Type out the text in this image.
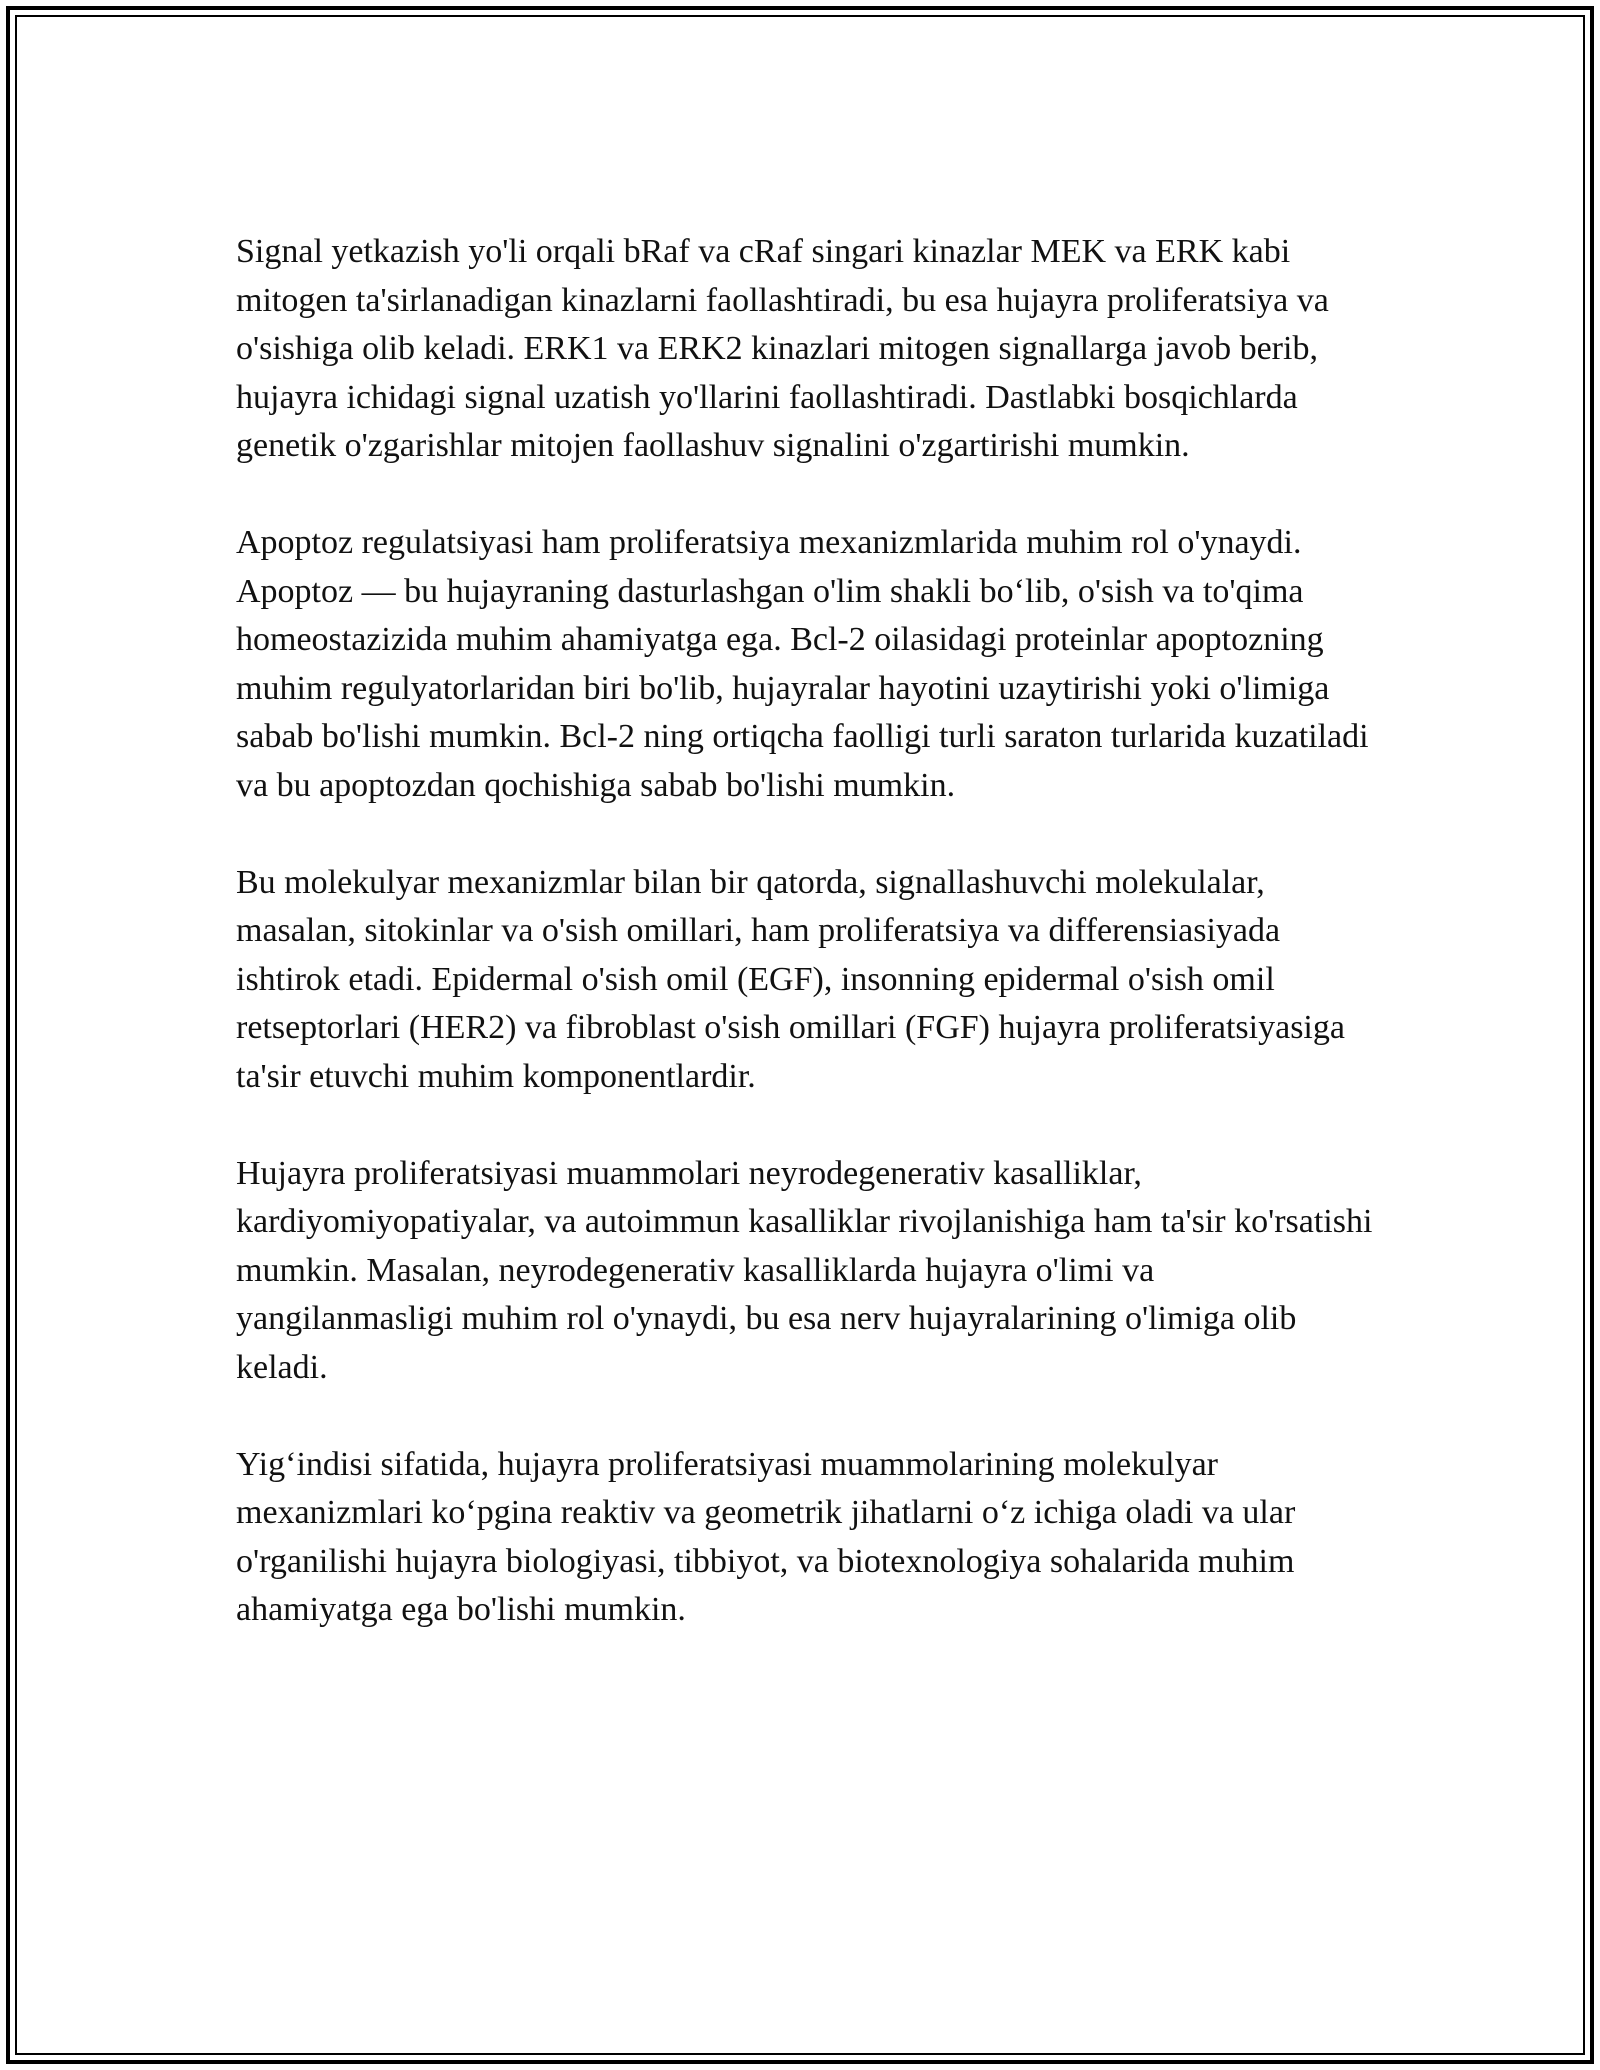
Signal yetkazish yo'li orqali bRaf va cRaf singari kinazlar MEK va ERK kabi mitogen ta'sirlanadigan kinazlarni faollashtiradi, bu esa hujayra proliferatsiya va o'sishiga olib keladi. ERK1 va ERK2 kinazlari mitogen signallarga javob berib, hujayra ichidagi signal uzatish yo'llarini faollashtiradi. Dastlabki bosqichlarda genetik o'zgarishlar mitojen faollashuv signalini o'zgartirishi mumkin.

Apoptoz regulatsiyasi ham proliferatsiya mexanizmlarida muhim rol o'ynaydi. Apoptoz — bu hujayraning dasturlashgan o'lim shakli bo‘lib, o'sish va to'qima homeostazizida muhim ahamiyatga ega. Bcl-2 oilasidagi proteinlar apoptozning muhim regulyatorlaridan biri bo'lib, hujayralar hayotini uzaytirishi yoki o'limiga sabab bo'lishi mumkin. Bcl-2 ning ortiqcha faolligi turli saraton turlarida kuzatiladi va bu apoptozdan qochishiga sabab bo'lishi mumkin.

Bu molekulyar mexanizmlar bilan bir qatorda, signallashuvchi molekulalar, masalan, sitokinlar va o'sish omillari, ham proliferatsiya va differensiasiyada ishtirok etadi. Epidermal o'sish omil (EGF), insonning epidermal o'sish omil retseptorlari (HER2) va fibroblast o'sish omillari (FGF) hujayra proliferatsiyasiga ta'sir etuvchi muhim komponentlardir.

Hujayra proliferatsiyasi muammolari neyrodegenerativ kasalliklar, kardiyomiyopatiyalar, va autoimmun kasalliklar rivojlanishiga ham ta'sir ko'rsatishi mumkin. Masalan, neyrodegenerativ kasalliklarda hujayra o'limi va yangilanmasligi muhim rol o'ynaydi, bu esa nerv hujayralarining o'limiga olib keladi.

Yig‘indisi sifatida, hujayra proliferatsiyasi muammolarining molekulyar mexanizmlari ko‘pgina reaktiv va geometrik jihatlarni o‘z ichiga oladi va ular o'rganilishi hujayra biologiyasi, tibbiyot, va biotexnologiya sohalarida muhim ahamiyatga ega bo'lishi mumkin.
